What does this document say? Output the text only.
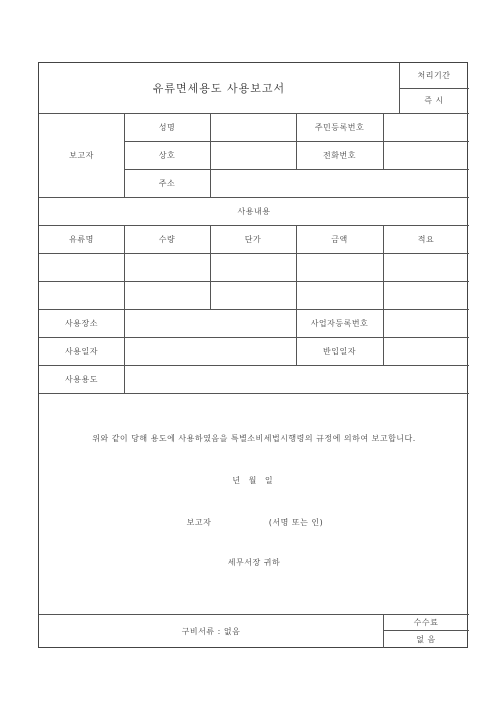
유류면세용도 사용보고서
처리기간
즉 시
보고자
성명	주민등록번호
상호	전화번호
주소
사용내용
유류명	수량	단가	금액	적요
사용장소	사업자등록번호
사용일자	반입일자
사용용도
위와 같이 당해 용도에 사용하였음을 특별소비세법시행령의 규정에 의하여 보고합니다.
년 월 일
보고자	(서명 또는 인)
세무서장 귀하
구비서류 : 없음
수수료
없 음
